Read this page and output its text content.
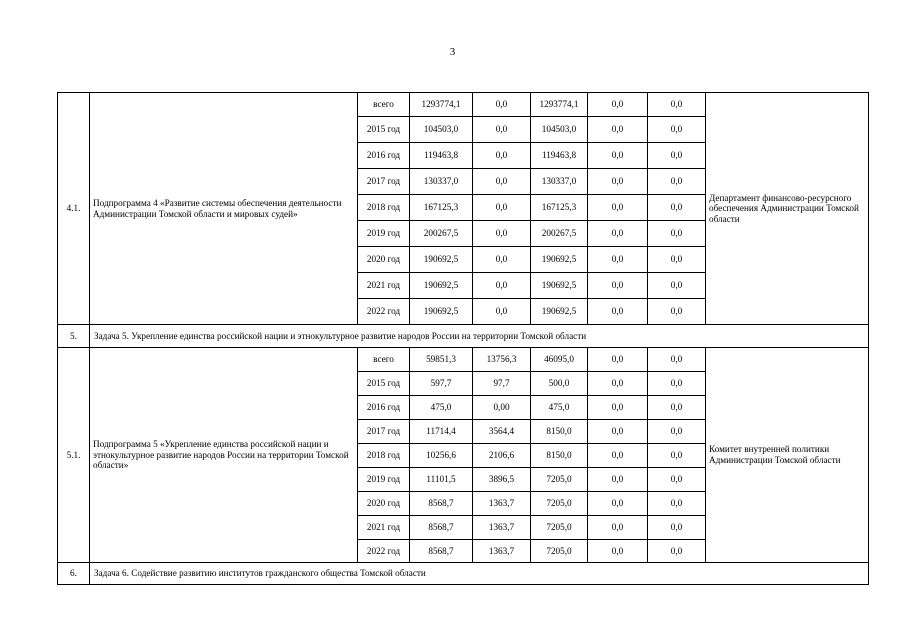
3
4.1.	Подпрограмма 4 «Развитие системы обеспечения деятельности Администрации Томской области и мировых судей»	всего	1293774,1	0,0	1293774,1	0,0	0,0	Департамент финансово-ресурсного обеспечения Администрации Томской области
		2015 год	104503,0	0,0	104503,0	0,0	0,0	
		2016 год	119463,8	0,0	119463,8	0,0	0,0	
		2017 год	130337,0	0,0	130337,0	0,0	0,0	
		2018 год	167125,3	0,0	167125,3	0,0	0,0	
		2019 год	200267,5	0,0	200267,5	0,0	0,0	
		2020 год	190692,5	0,0	190692,5	0,0	0,0	
		2021 год	190692,5	0,0	190692,5	0,0	0,0	
		2022 год	190692,5	0,0	190692,5	0,0	0,0	
5.	Задача 5. Укрепление единства российской нации и этнокультурное развитие народов России на территории Томской области							
5.1.	Подпрограмма 5 «Укрепление единства российской нации и этнокультурное развитие народов России на территории Томской области»	всего	59851,3	13756,3	46095,0	0,0	0,0	Комитет внутренней политики Администрации Томской области
		2015 год	597,7	97,7	500,0	0,0	0,0	
		2016 год	475,0	0,00	475,0	0,0	0,0	
		2017 год	11714,4	3564,4	8150,0	0,0	0,0	
		2018 год	10256,6	2106,6	8150,0	0,0	0,0	
		2019 год	11101,5	3896,5	7205,0	0,0	0,0	
		2020 год	8568,7	1363,7	7205,0	0,0	0,0	
		2021 год	8568,7	1363,7	7205,0	0,0	0,0	
		2022 год	8568,7	1363,7	7205,0	0,0	0,0	
6.	Задача 6. Содействие развитию институтов гражданского общества Томской области							
